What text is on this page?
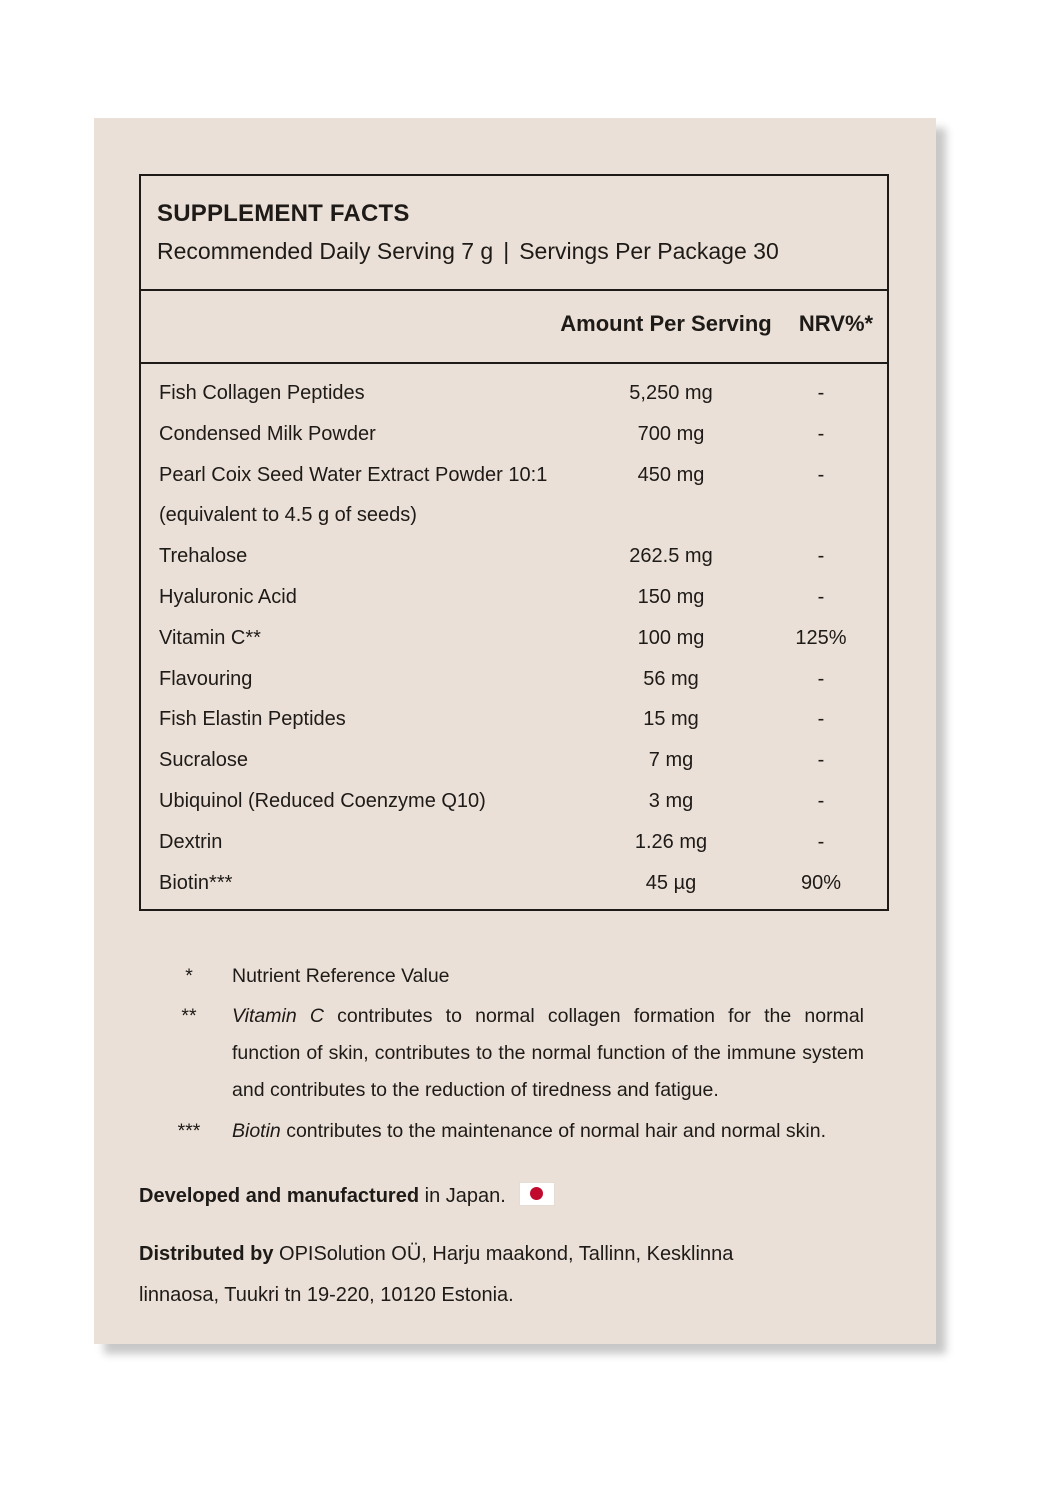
SUPPLEMENT FACTS
Recommended Daily Serving 7 g | Servings Per Package 30
Amount Per Serving	NRV%*
Fish Collagen Peptides	5,250 mg	-
Condensed Milk Powder	700 mg	-
Pearl Coix Seed Water Extract Powder 10:1	450 mg	-
(equivalent to 4.5 g of seeds)
Trehalose	262.5 mg	-
Hyaluronic Acid	150 mg	-
Vitamin C**	100 mg	125%
Flavouring	56 mg	-
Fish Elastin Peptides	15 mg	-
Sucralose	7 mg	-
Ubiquinol (Reduced Coenzyme Q10)	3 mg	-
Dextrin	1.26 mg	-
Biotin***	45 µg	90%
*	Nutrient Reference Value
**	Vitamin C contributes to normal collagen formation for the normal function of skin, contributes to the normal function of the immune system and contributes to the reduction of tiredness and fatigue.
***	Biotin contributes to the maintenance of normal hair and normal skin.
Developed and manufactured in Japan.
Distributed by OPISolution OÜ, Harju maakond, Tallinn, Kesklinna linnaosa, Tuukri tn 19-220, 10120 Estonia.
